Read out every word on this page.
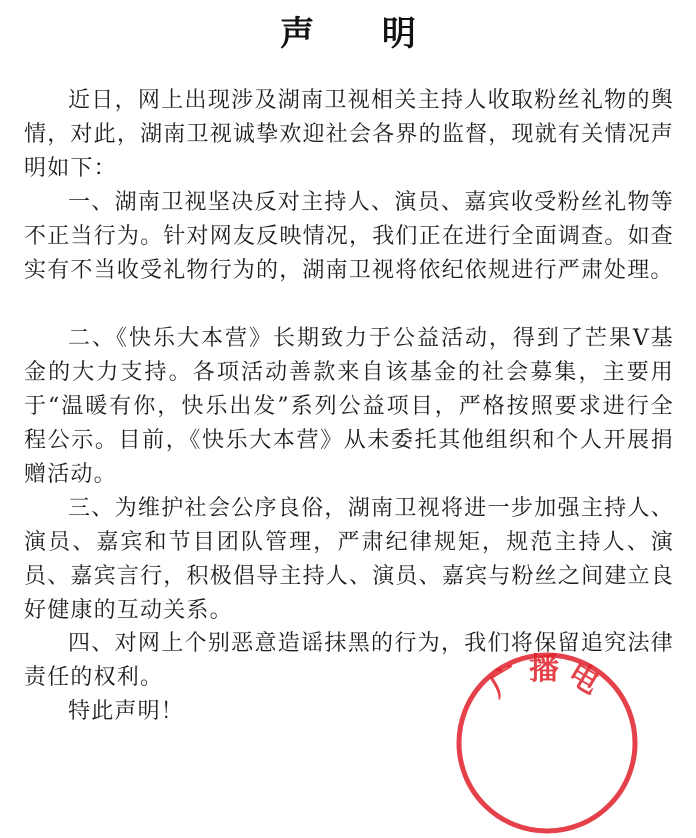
声 明

近日，网上出现涉及湖南卫视相关主持人收取粉丝礼物的舆情，对此，湖南卫视诚挚欢迎社会各界的监督，现就有关情况声明如下：

一、湖南卫视坚决反对主持人、演员、嘉宾收受粉丝礼物等不正当行为。针对网友反映情况，我们正在进行全面调查。如查实有不当收受礼物行为的，湖南卫视将依纪依规进行严肃处理。

二、《快乐大本营》长期致力于公益活动，得到了芒果V基金的大力支持。各项活动善款来自该基金的社会募集，主要用于“温暖有你，快乐出发”系列公益项目，严格按照要求进行全程公示。目前，《快乐大本营》从未委托其他组织和个人开展捐赠活动。

三、为维护社会公序良俗，湖南卫视将进一步加强主持人、演员、嘉宾和节目团队管理，严肃纪律规矩，规范主持人、演员、嘉宾言行，积极倡导主持人、演员、嘉宾与粉丝之间建立良好健康的互动关系。

四、对网上个别恶意造谣抹黑的行为，我们将保留追究法律责任的权利。

特此声明！

广播电
